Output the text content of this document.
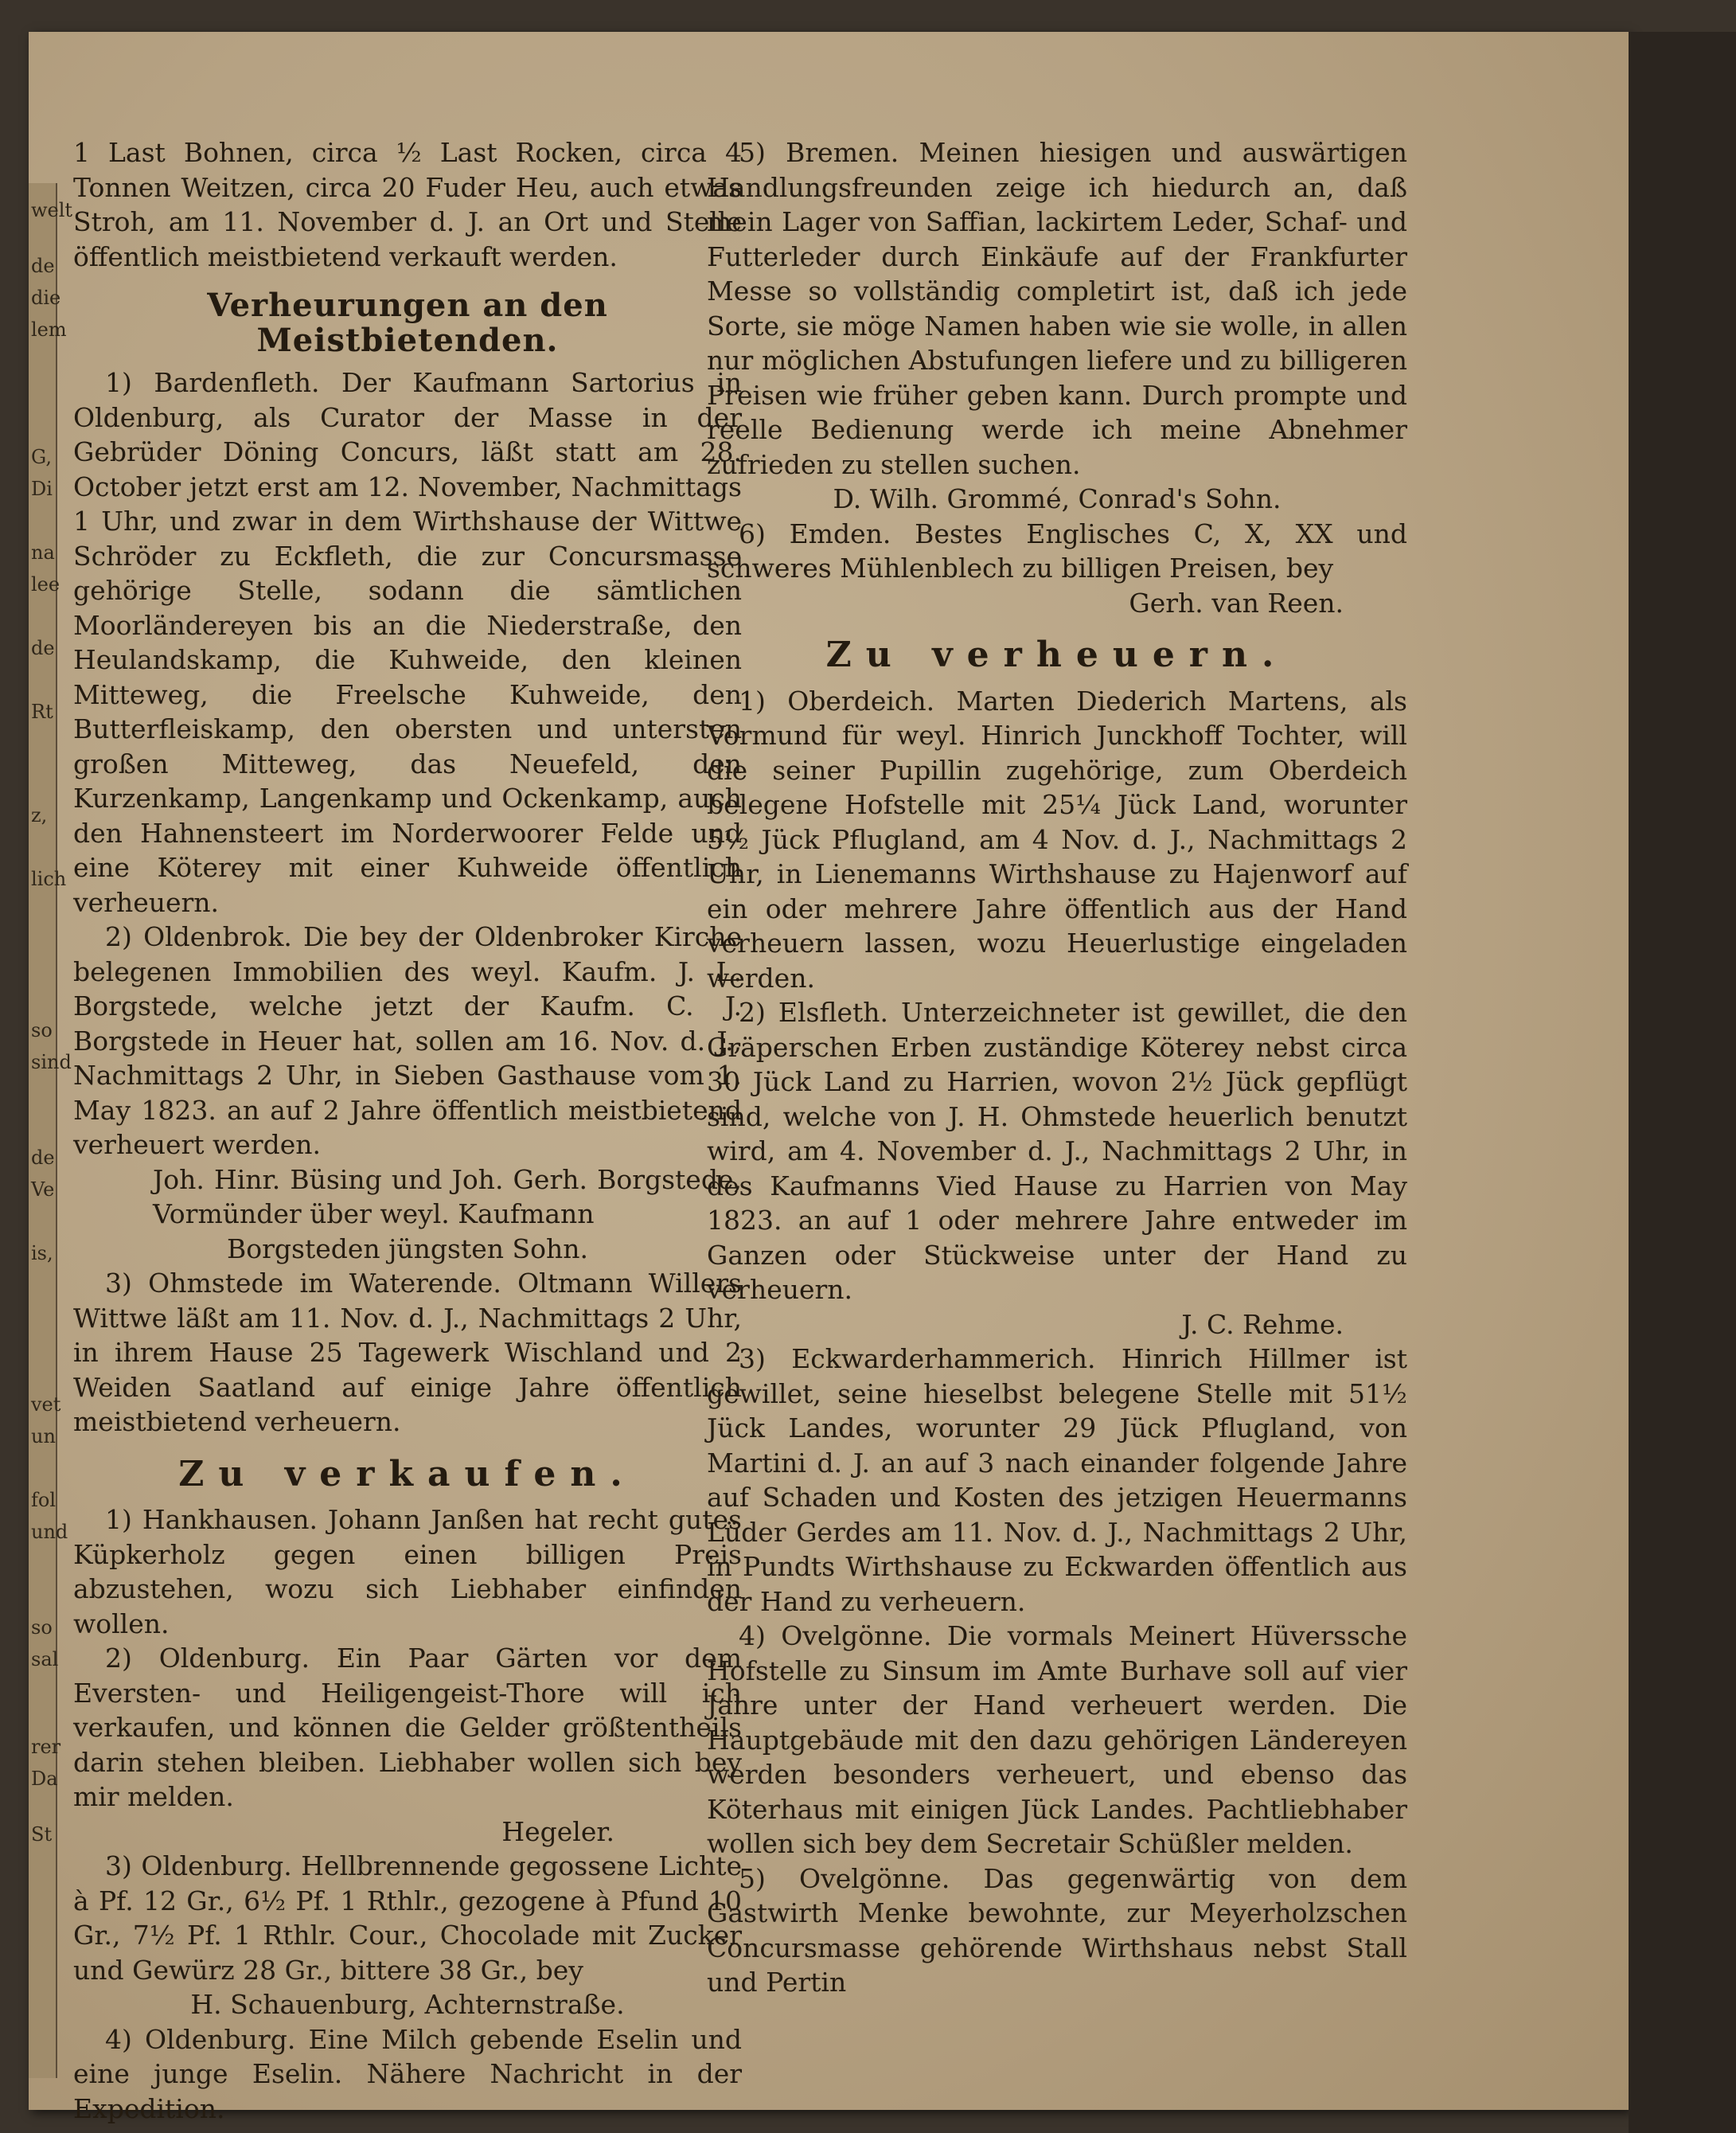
welt
de
die
lem
G,
Di
na
lee
de
Rt
z,
lich
so
sind
de
Ve
is,
vet
un
fol
und
so
sal
rer
Da
St

1 Last Bohnen, circa ½ Last Rocken, circa 4 Tonnen Weitzen, circa 20 Fuder Heu, auch etwas Stroh, am 11. November d. J. an Ort und Stelle öffentlich meistbietend verkauft werden.

Verheurungen an den Meistbietenden.

1) Bardenfleth. Der Kaufmann Sartorius in Oldenburg, als Curator der Masse in der Gebrüder Döning Concurs, läßt statt am 28. October jetzt erst am 12. November, Nachmittags 1 Uhr, und zwar in dem Wirthshause der Wittwe Schröder zu Eckfleth, die zur Concursmasse gehörige Stelle, sodann die sämtlichen Moorländereyen bis an die Niederstraße, den Heulandskamp, die Kuhweide, den kleinen Mitteweg, die Freelsche Kuhweide, den Butterfleiskamp, den obersten und untersten großen Mitteweg, das Neuefeld, den Kurzenkamp, Langenkamp und Ockenkamp, auch den Hahnensteert im Norderwoorer Felde und eine Köterey mit einer Kuhweide öffentlich verheuern.

2) Oldenbrok. Die bey der Oldenbroker Kirche belegenen Immobilien des weyl. Kaufm. J. L. Borgstede, welche jetzt der Kaufm. C. J. Borgstede in Heuer hat, sollen am 16. Nov. d. J., Nachmittags 2 Uhr, in Sieben Gasthause vom 1. May 1823. an auf 2 Jahre öffentlich meistbietend verheuert werden.

Joh. Hinr. Büsing und Joh. Gerh. Borgstede, Vormünder über weyl. Kaufmann

Borgsteden jüngsten Sohn.

3) Ohmstede im Waterende. Oltmann Willers Wittwe läßt am 11. Nov. d. J., Nachmittags 2 Uhr, in ihrem Hause 25 Tagewerk Wischland und 2 Weiden Saatland auf einige Jahre öffentlich meistbietend verheuern.

Zu verkaufen.

1) Hankhausen. Johann Janßen hat recht gutes Küpkerholz gegen einen billigen Preis abzustehen, wozu sich Liebhaber einfinden wollen.

2) Oldenburg. Ein Paar Gärten vor dem Eversten- und Heiligengeist-Thore will ich verkaufen, und können die Gelder größtentheils darin stehen bleiben. Liebhaber wollen sich bey mir melden.

Hegeler.

3) Oldenburg. Hellbrennende gegossene Lichte à Pf. 12 Gr., 6½ Pf. 1 Rthlr., gezogene à Pfund 10 Gr., 7½ Pf. 1 Rthlr. Cour., Chocolade mit Zucker und Gewürz 28 Gr., bittere 38 Gr., bey

H. Schauenburg, Achternstraße.

4) Oldenburg. Eine Milch gebende Eselin und eine junge Eselin. Nähere Nachricht in der Expedition.

5) Bremen. Meinen hiesigen und auswärtigen Handlungsfreunden zeige ich hiedurch an, daß mein Lager von Saffian, lackirtem Leder, Schaf- und Futterleder durch Einkäufe auf der Frankfurter Messe so vollständig completirt ist, daß ich jede Sorte, sie möge Namen haben wie sie wolle, in allen nur möglichen Abstufungen liefere und zu billigeren Preisen wie früher geben kann. Durch prompte und reelle Bedienung werde ich meine Abnehmer zufrieden zu stellen suchen.

D. Wilh. Grommé, Conrad's Sohn.

6) Emden. Bestes Englisches C, X, XX und schweres Mühlenblech zu billigen Preisen, bey

Gerh. van Reen.

Zu verheuern.

1) Oberdeich. Marten Diederich Martens, als Vormund für weyl. Hinrich Junckhoff Tochter, will die seiner Pupillin zugehörige, zum Oberdeich belegene Hofstelle mit 25¼ Jück Land, worunter 5½ Jück Pflugland, am 4 Nov. d. J., Nachmittags 2 Uhr, in Lienemanns Wirthshause zu Hajenworf auf ein oder mehrere Jahre öffentlich aus der Hand verheuern lassen, wozu Heuerlustige eingeladen werden.

2) Elsfleth. Unterzeichneter ist gewillet, die den Gräperschen Erben zuständige Köterey nebst circa 30 Jück Land zu Harrien, wovon 2½ Jück gepflügt sind, welche von J. H. Ohmstede heuerlich benutzt wird, am 4. November d. J., Nachmittags 2 Uhr, in des Kaufmanns Vied Hause zu Harrien von May 1823. an auf 1 oder mehrere Jahre entweder im Ganzen oder Stückweise unter der Hand zu verheuern.

J. C. Rehme.

3) Eckwarderhammerich. Hinrich Hillmer ist gewillet, seine hieselbst belegene Stelle mit 51½ Jück Landes, worunter 29 Jück Pflugland, von Martini d. J. an auf 3 nach einander folgende Jahre auf Schaden und Kosten des jetzigen Heuermanns Lüder Gerdes am 11. Nov. d. J., Nachmittags 2 Uhr, in Pundts Wirthshause zu Eckwarden öffentlich aus der Hand zu verheuern.

4) Ovelgönne. Die vormals Meinert Hüverssche Hofstelle zu Sinsum im Amte Burhave soll auf vier Jahre unter der Hand verheuert werden. Die Hauptgebäude mit den dazu gehörigen Ländereyen werden besonders verheuert, und ebenso das Köterhaus mit einigen Jück Landes. Pachtliebhaber wollen sich bey dem Secretair Schüßler melden.

5) Ovelgönne. Das gegenwärtig von dem Gastwirth Menke bewohnte, zur Meyerholzschen Concursmasse gehörende Wirthshaus nebst Stall und Pertin
